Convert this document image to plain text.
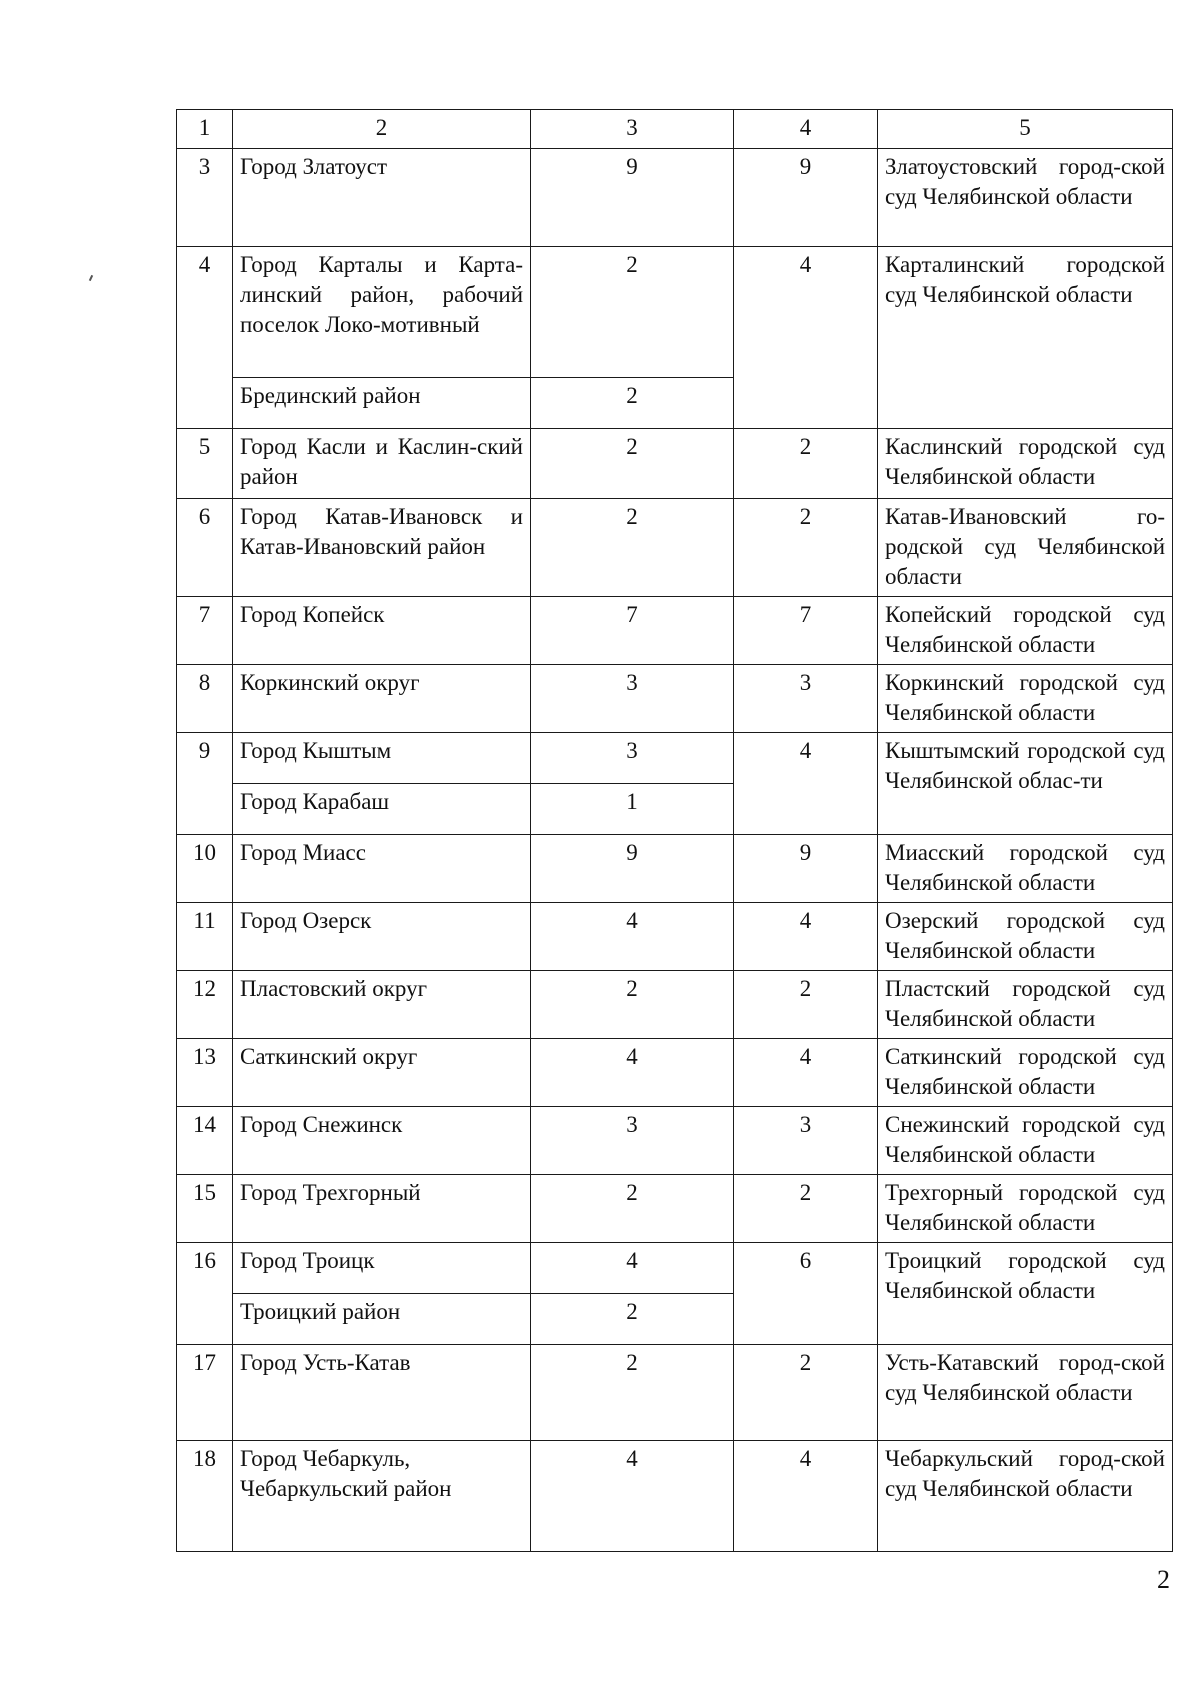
1	2	3	4	5
3	Город Златоуст	9	9	Златоустовский город-ской суд Челябинской области
4	Город Карталы и Карта-линский район, рабочий поселок Локо-мотивный	2	4	Карталинский городской суд Челябинской области
	Брединский район	2		
5	Город Касли и Каслин-ский район	2	2	Каслинский городской суд Челябинской области
6	Город Катав-Ивановск и Катав-Ивановский район	2	2	Катав-Ивановский го-родской суд Челябинской области
7	Город Копейск	7	7	Копейский городской суд Челябинской области
8	Коркинский округ	3	3	Коркинский городской суд Челябинской области
9	Город Кыштым	3	4	Кыштымский городской суд Челябинской облас-ти
	Город Карабаш	1		
10	Город Миасс	9	9	Миасский городской суд Челябинской области
11	Город Озерск	4	4	Озерский городской суд Челябинской области
12	Пластовский округ	2	2	Пластский городской суд Челябинской области
13	Саткинский округ	4	4	Саткинский городской суд Челябинской области
14	Город Снежинск	3	3	Снежинский городской суд Челябинской области
15	Город Трехгорный	2	2	Трехгорный городской суд Челябинской области
16	Город Троицк	4	6	Троицкий городской суд Челябинской области
	Троицкий район	2		
17	Город Усть-Катав	2	2	Усть-Катавский город-ской суд Челябинской области
18	Город Чебаркуль, Чебаркульский район	4	4	Чебаркульский город-ской суд Челябинской области
2
